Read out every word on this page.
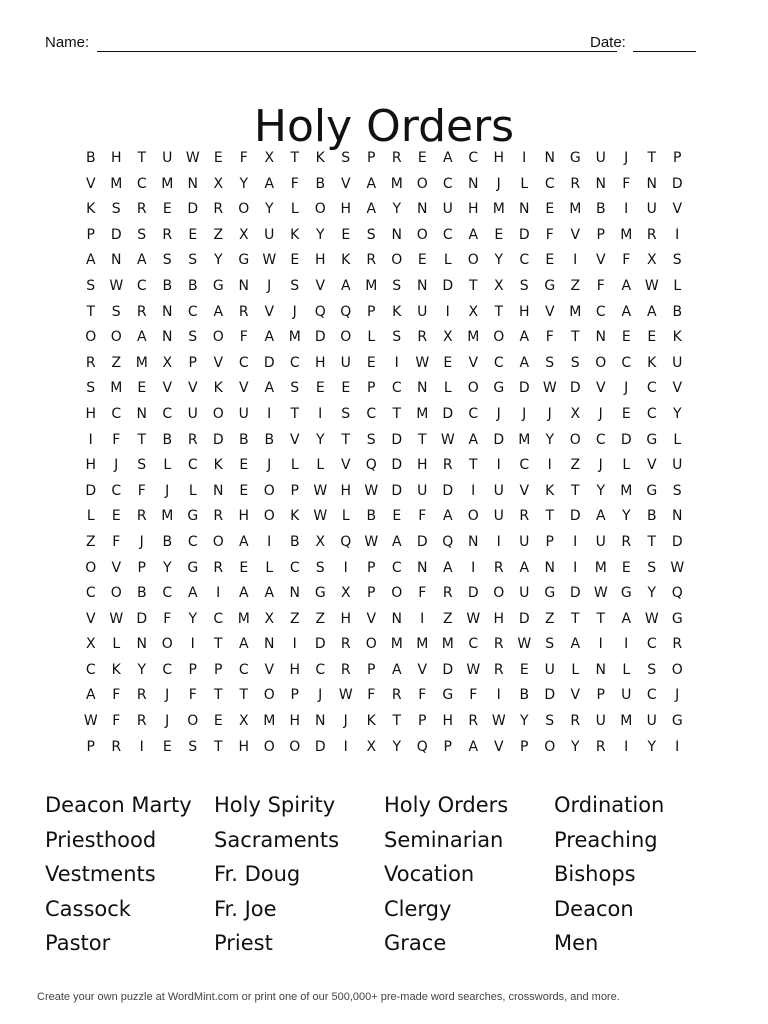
Name:	Date:
Holy Orders
B	H	T	U W	E	F	X	T	K	S	P	R	E	A	C	H	I	N	G	U	J	T	P
V	M	C	M	N	X	Y	A	F	B	V	A	M O	C	N	J	L	C	R	N	F	N	D
K	S	R	E	D	R	O	Y	L	O	H	A	Y	N	U	H	M	N	E	M	B	I	U	V
P	D	S	R	E	Z	X	U	K	Y	E	S	N	O	C	A	E	D	F	V	P	M	R	I
A	N	A	S	S	Y	G W	E	H	K	R	O	E	L	O	Y	C	E	I	V	F	X	S
S	W C	B	B	G	N	J	S	V	A	M	S	N	D	T	X	S	G	Z	F	A W	L
T	S	R	N	C	A	R	V	J	Q	Q	P	K	U	I	X	T	H	V	M	C	A	A	B
O	O	A	N	S	O	F	A	M	D	O	L	S	R	X	M O	A	F	T	N	E	E	K
R	Z	M	X	P	V	C	D	C	H	U	E	I	W	E	V	C	A	S	S	O	C	K	U
S	M	E	V	V	K	V	A	S	E	E	P	C	N	L	O	G	D W D	V	J	C	V
H	C	N	C	U	O	U	I	T	I	S	C	T	M	D	C	J	J	J	X	J	E	C	Y
I	F	T	B	R	D	B	B	V	Y	T	S	D	T	W A	D	M	Y	O	C	D	G	L
H	J	S	L	C	K	E	J	L	L	V	Q	D	H	R	T	I	C	I	Z	J	L	V	U
D	C	F	J	L	N	E	O	P	W H W D	U	D	I	U	V	K	T	Y	M	G	S
L	E	R	M	G	R	H	O	K W	L	B	E	F	A	O	U	R	T	D	A	Y	B	N
Z	F	J	B	C	O	A	I	B	X	Q W A	D	Q	N	I	U	P	I	U	R	T	D
O	V	P	Y	G	R	E	L	C	S	I	P	C	N	A	I	R	A	N	I	M	E	S	W
C	O	B	C	A	I	A	A	N	G	X	P	O	F	R	D	O	U	G	D W G	Y	Q
V W D	F	Y	C	M	X	Z	Z	H	V	N	I	Z W H	D	Z	T	T	A W G
X	L	N	O	I	T	A	N	I	D	R	O M M M	C	R W	S	A	I	I	C	R
C	K	Y	C	P	P	C	V	H	C	R	P	A	V	D W R	E	U	L	N	L	S	O
A	F	R	J	F	T	T	O	P	J	W	F	R	F	G	F	I	B	D	V	P	U	C	J
W	F	R	J	O	E	X	M	H	N	J	K	T	P	H	R W	Y	S	R	U	M	U	G
P	R	I	E	S	T	H	O	O	D	I	X	Y	Q	P	A	V	P	O	Y	R	I	Y	I
Deacon Marty	Holy Spirity	Holy Orders	Ordination
Priesthood	Sacraments	Seminarian	Preaching
Vestments	Fr. Doug	Vocation	Bishops
Cassock	Fr. Joe	Clergy	Deacon
Pastor	Priest	Grace	Men
Create your own puzzle at WordMint.com or print one of our 500,000+ pre-made word searches, crosswords, and more.
